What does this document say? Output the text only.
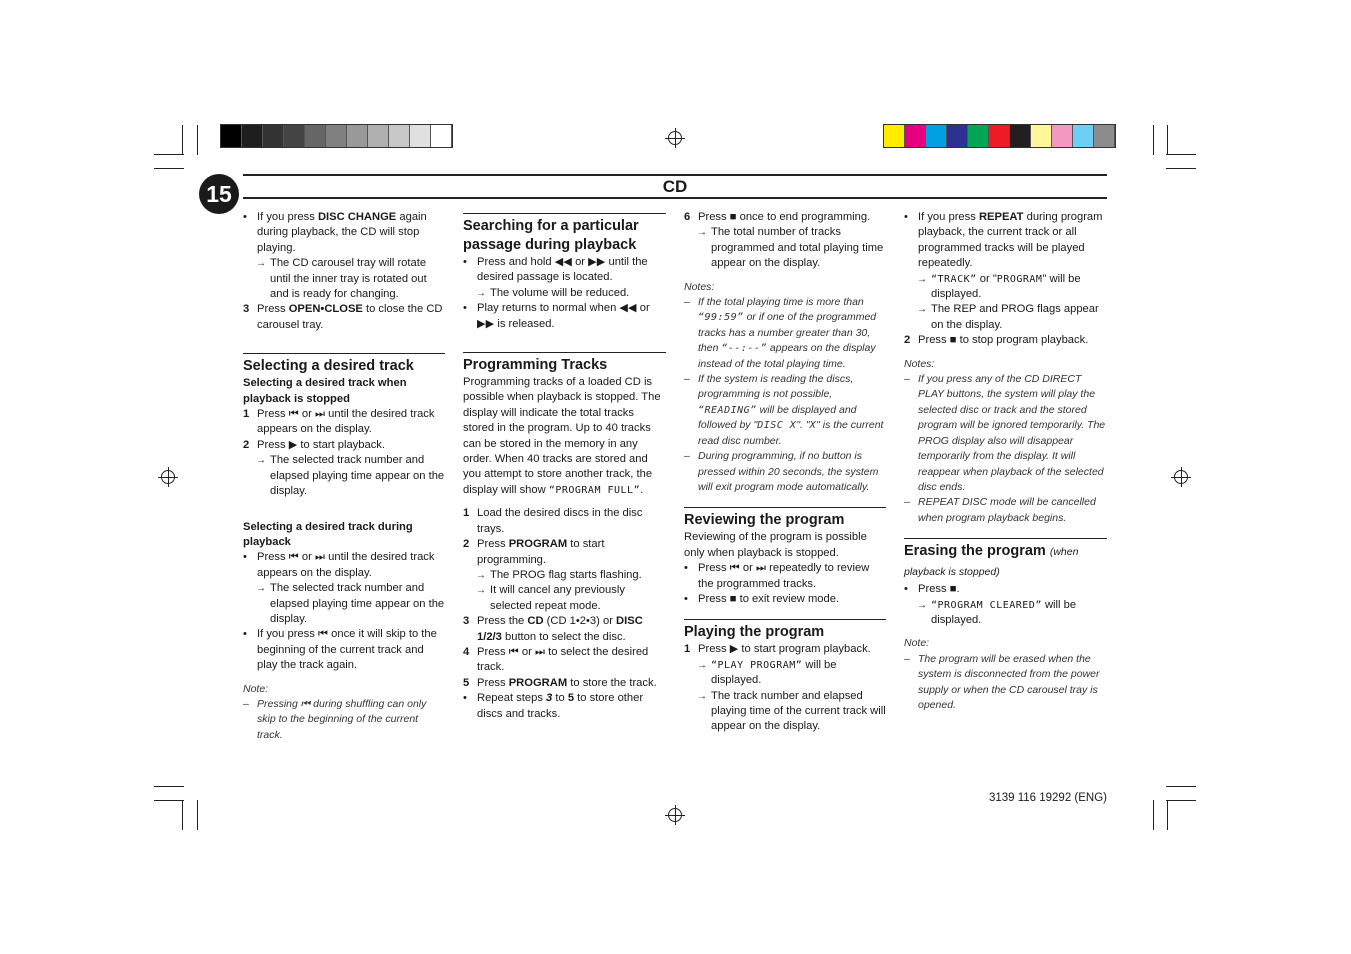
15	CD
• If you press DISC CHANGE again during playback, the CD will stop playing.
→ The CD carousel tray will rotate until the inner tray is rotated out and is ready for changing.
3 Press OPEN•CLOSE to close the CD carousel tray.
Selecting a desired track
Selecting a desired track when playback is stopped
1 Press ⏮ or ⏭ until the desired track appears on the display.
2 Press ▶ to start playback.
→ The selected track number and elapsed playing time appear on the display.
Selecting a desired track during playback
• Press ⏮ or ⏭ until the desired track appears on the display.
→ The selected track number and elapsed playing time appear on the display.
• If you press ⏮ once it will skip to the beginning of the current track and play the track again.
Note:
– Pressing ⏮ during shuffling can only skip to the beginning of the current track.
Searching for a particular passage during playback
• Press and hold ◀◀ or ▶▶ until the desired passage is located.
→ The volume will be reduced.
• Play returns to normal when ◀◀ or ▶▶ is released.
Programming Tracks

Programming tracks of a loaded CD is possible when playback is stopped. The display will indicate the total tracks stored in the program. Up to 40 tracks can be stored in the memory in any order. When 40 tracks are stored and you attempt to store another track, the display will show “PROGRAM FULL”.

1 Load the desired discs in the disc trays.
2 Press PROGRAM to start programming.
→ The PROG flag starts flashing.
→ It will cancel any previously selected repeat mode.
3 Press the CD (CD 1•2•3) or DISC 1/2/3 button to select the disc.
4 Press ⏮ or ⏭ to select the desired track.
5 Press PROGRAM to store the track.
• Repeat steps 3 to 5 to store other discs and tracks.
6 Press ■ once to end programming.
→ The total number of tracks programmed and total playing time appear on the display.
Notes:
– If the total playing time is more than “99:59” or if one of the programmed tracks has a number greater than 30, then “--:--” appears on the display instead of the total playing time.
– If the system is reading the discs, programming is not possible, “READING” will be displayed and followed by "DISC X". "X" is the current read disc number.
– During programming, if no button is pressed within 20 seconds, the system will exit program mode automatically.
Reviewing the program

Reviewing of the program is possible only when playback is stopped.

• Press ⏮ or ⏭ repeatedly to review the programmed tracks.
• Press ■ to exit review mode.
Playing the program
1 Press ▶ to start program playback.
→ “PLAY PROGRAM” will be displayed.
→ The track number and elapsed playing time of the current track will appear on the display.
• If you press REPEAT during program playback, the current track or all programmed tracks will be played repeatedly.
→ “TRACK” or "PROGRAM" will be displayed.
→ The REP and PROG flags appear on the display.
2 Press ■ to stop program playback.
Notes:
– If you press any of the CD DIRECT PLAY buttons, the system will play the selected disc or track and the stored program will be ignored temporarily. The PROG display also will disappear temporarily from the display. It will reappear when playback of the selected disc ends.
– REPEAT DISC mode will be cancelled when program playback begins.
Erasing the program (when playback is stopped)
• Press ■.
→ “PROGRAM CLEARED” will be displayed.
Note:
– The program will be erased when the system is disconnected from the power supply or when the CD carousel tray is opened.
3139 116 19292 (ENG)
